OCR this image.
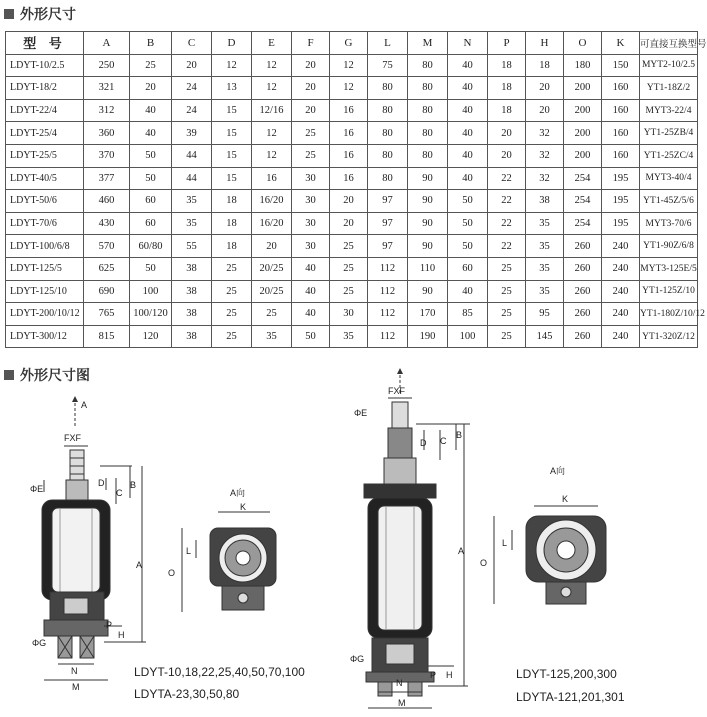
外形尺寸
型 号	A	B	C	D	E	F	G	L	M	N	P	H	O	K	可直接互换型号
LDYT-10/2.5	250	25	20	12	12	20	12	75	80	40	18	18	180	150	MYT2-10/2.5
LDYT-18/2	321	20	24	13	12	20	12	80	80	40	18	20	200	160	YT1-18Z/2
LDYT-22/4	312	40	24	15	12/16	20	16	80	80	40	18	20	200	160	MYT3-22/4
LDYT-25/4	360	40	39	15	12	25	16	80	80	40	20	32	200	160	YT1-25ZB/4
LDYT-25/5	370	50	44	15	12	25	16	80	80	40	20	32	200	160	YT1-25ZC/4
LDYT-40/5	377	50	44	15	16	30	16	80	90	40	22	32	254	195	MYT3-40/4
LDYT-50/6	460	60	35	18	16/20	30	20	97	90	50	22	38	254	195	YT1-45Z/5/6
LDYT-70/6	430	60	35	18	16/20	30	20	97	90	50	22	35	254	195	MYT3-70/6
LDYT-100/6/8	570	60/80	55	18	20	30	25	97	90	50	22	35	260	240	YT1-90Z/6/8
LDYT-125/5	625	50	38	25	20/25	40	25	112	110	60	25	35	260	240	MYT3-125E/5
LDYT-125/10	690	100	38	25	20/25	40	25	112	90	40	25	35	260	240	YT1-125Z/10
LDYT-200/10/12	765	100/120	38	25	25	40	30	112	170	85	25	95	260	240	YT1-180Z/10/12
LDYT-300/12	815	120	38	25	35	50	35	112	190	100	25	145	260	240	YT1-320Z/12
外形尺寸图
A
FXF
ΦE
D
C
B
A
P
H
ΦG
N
M
A向
K
O
L
FXF
ΦE
D C
B
A
P H
ΦG
N
M
A向
K
O
L
LDYT-10,18,22,25,40,50,70,100
LDYTA-23,30,50,80
LDYT-125,200,300
LDYTA-121,201,301
